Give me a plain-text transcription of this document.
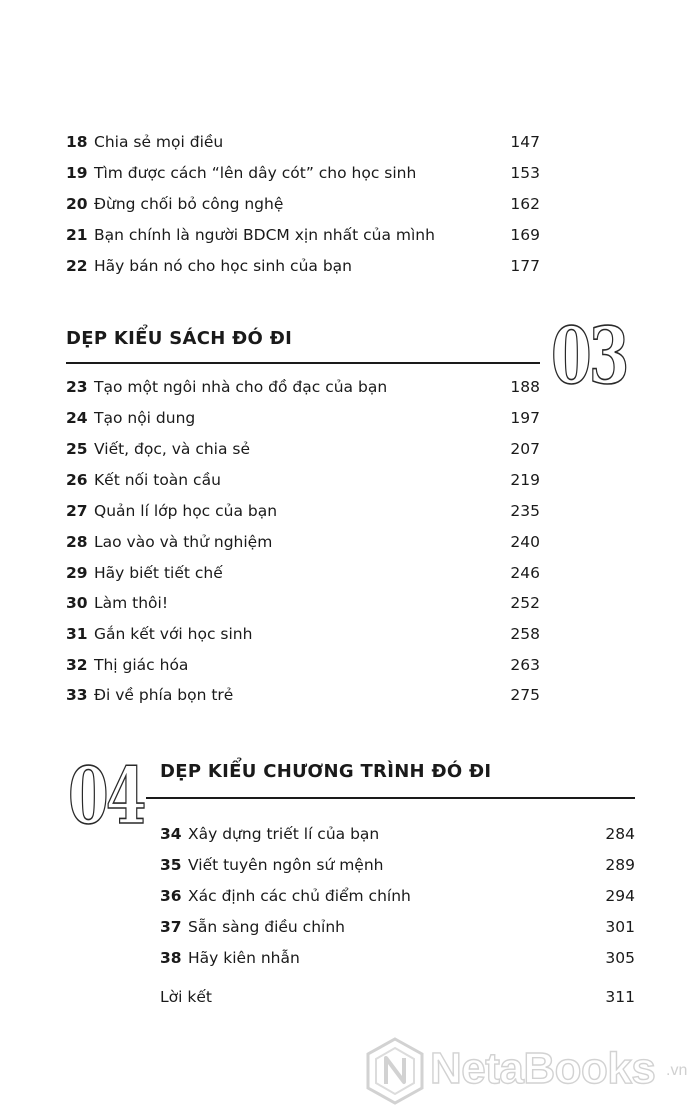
18 Chia sẻ mọi điều	147
19 Tìm được cách “lên dây cót” cho học sinh	153
20 Đừng chối bỏ công nghệ	162
21 Bạn chính là người BDCM xịn nhất của mình	169
22 Hãy bán nó cho học sinh của bạn	177
DẸP KIỂU SÁCH ĐÓ ĐI	03
23 Tạo một ngôi nhà cho đồ đạc của bạn	188
24 Tạo nội dung	197
25 Viết, đọc, và chia sẻ	207
26 Kết nối toàn cầu	219
27 Quản lí lớp học của bạn	235
28 Lao vào và thử nghiệm	240
29 Hãy biết tiết chế	246
30 Làm thôi!	252
31 Gắn kết với học sinh	258
32 Thị giác hóa	263
33 Đi về phía bọn trẻ	275
04 DẸP KIỂU CHƯƠNG TRÌNH ĐÓ ĐI
34 Xây dựng triết lí của bạn	284
35 Viết tuyên ngôn sứ mệnh	289
36 Xác định các chủ điểm chính	294
37 Sẵn sàng điều chỉnh	301
38 Hãy kiên nhẫn	305
Lời kết	311
NetaBooks .vn
